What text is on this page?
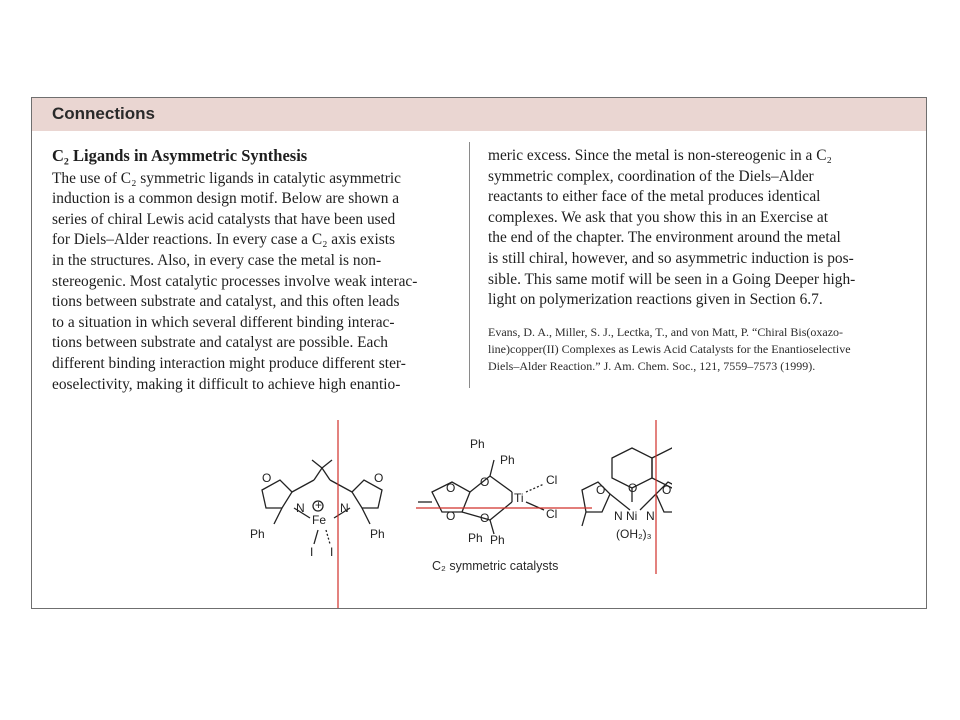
Connections
C₂ Ligands in Asymmetric Synthesis
The use of C₂ symmetric ligands in catalytic asymmetric
induction is a common design motif. Below are shown a
series of chiral Lewis acid catalysts that have been used
for Diels–Alder reactions. In every case a C₂ axis exists
in the structures. Also, in every case the metal is non-
stereogenic. Most catalytic processes involve weak interac-
tions between substrate and catalyst, and this often leads
to a situation in which several different binding interac-
tions between substrate and catalyst are possible. Each
different binding interaction might produce different ster-
eoselectivity, making it difficult to achieve high enantio-
meric excess. Since the metal is non-stereogenic in a C₂
symmetric complex, coordination of the Diels–Alder
reactants to either face of the metal produces identical
complexes. We ask that you show this in an Exercise at
the end of the chapter. The environment around the metal
is still chiral, however, and so asymmetric induction is pos-
sible. This same motif will be seen in a Going Deeper high-
light on polymerization reactions given in Section 6.7.
Evans, D. A., Miller, S. J., Lectka, T., and von Matt, P. “Chiral Bis(oxazo-
line)copper(II) Complexes as Lewis Acid Catalysts for the Enantioselective
Diels–Alder Reaction.” J. Am. Chem. Soc., 121, 7559–7573 (1999).
O	O
N	N
+
Fe
Ph	Ph
I I
O
O
O
O
Ph
Ph
Ph Ph
Ti
Cl
Cl
O
O	O
N N
Ni
(OH₂)₃
C₂ symmetric catalysts
